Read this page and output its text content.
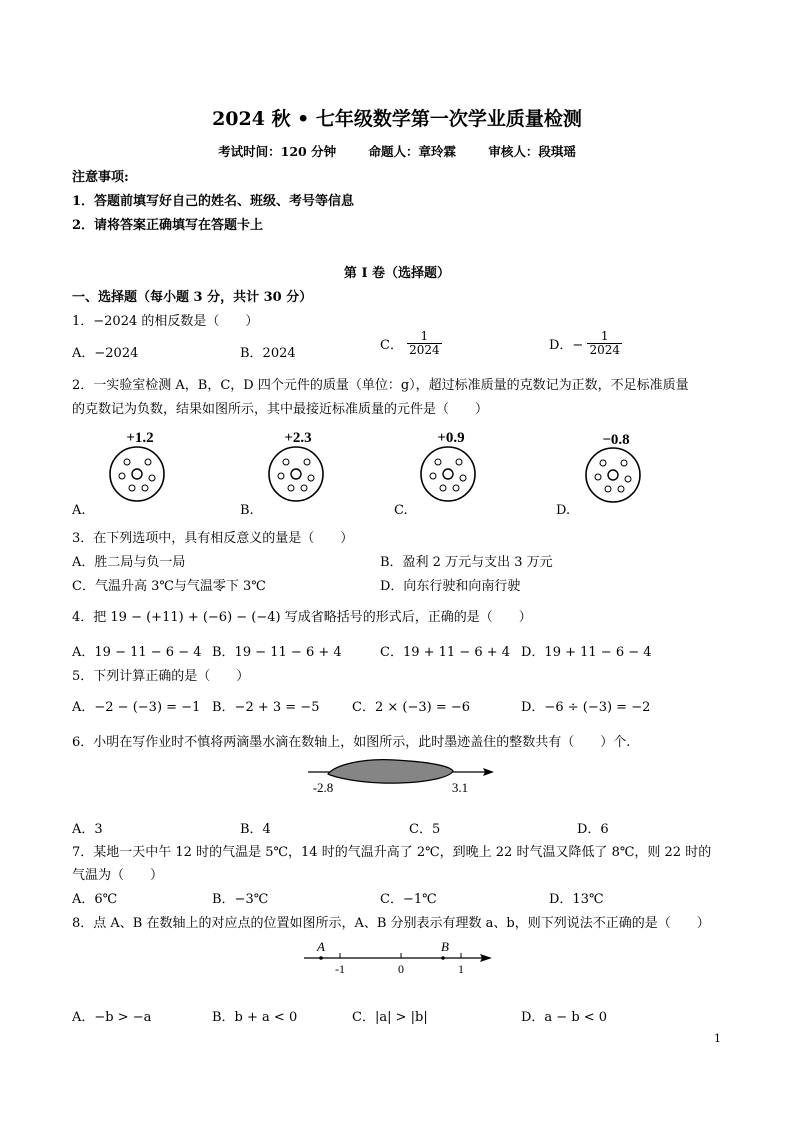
2024 秋 • 七年级数学第一次学业质量检测
考试时间：120 分钟	命题人：章玲霖	审核人：段琪瑶
注意事项:
1．答题前填写好自己的姓名、班级、考号等信息
2．请将答案正确填写在答题卡上
第 I 卷（选择题）
一、选择题（每小题 3 分，共计 30 分）
1．−2024 的相反数是（　　）
A．−2024	B．2024
C． $\frac{1}{2024}$	D．− $\frac{1}{2024}$
2．一实验室检测 A，B，C，D 四个元件的质量（单位：g），超过标准质量的克数记为正数，不足标准质量
的克数记为负数，结果如图所示，其中最接近标准质量的元件是（　　）
+1.2	+2.3	+0.9	−0.8
A.	B.	C.	D.
3．在下列选项中，具有相反意义的量是（　　）
A．胜二局与负一局	B．盈利 2 万元与支出 3 万元
C．气温升高 3℃与气温零下 3℃	D．向东行驶和向南行驶
4．把 19 − (+11) + (−6) − (−4) 写成省略括号的形式后，正确的是（　　）
A．19 − 11 − 6 − 4 B．19 − 11 − 6 + 4	C．19 + 11 − 6 + 4 D．19 + 11 − 6 − 4
5．下列计算正确的是（　　）
A．−2 − (−3) = −1 B．−2 + 3 = −5	C．2 × (−3) = −6	D．−6 ÷ (−3) = −2
6．小明在写作业时不慎将两滴墨水滴在数轴上，如图所示，此时墨迹盖住的整数共有（　　）个.
-2.8	3.1
A．3	B．4	C．5	D．6
7．某地一天中午 12 时的气温是 5℃，14 时的气温升高了 2℃，到晚上 22 时气温又降低了 8℃，则 22 时的
气温为（　　）
A．6℃	B．−3℃	C．−1℃	D．13℃
8．点 A、B 在数轴上的对应点的位置如图所示，A、B 分别表示有理数 a、b，则下列说法不正确的是（　　）
A	B
-1	0	1
A．−b > −a	B．b + a < 0	C．|a| > |b|	D．a − b < 0
1
